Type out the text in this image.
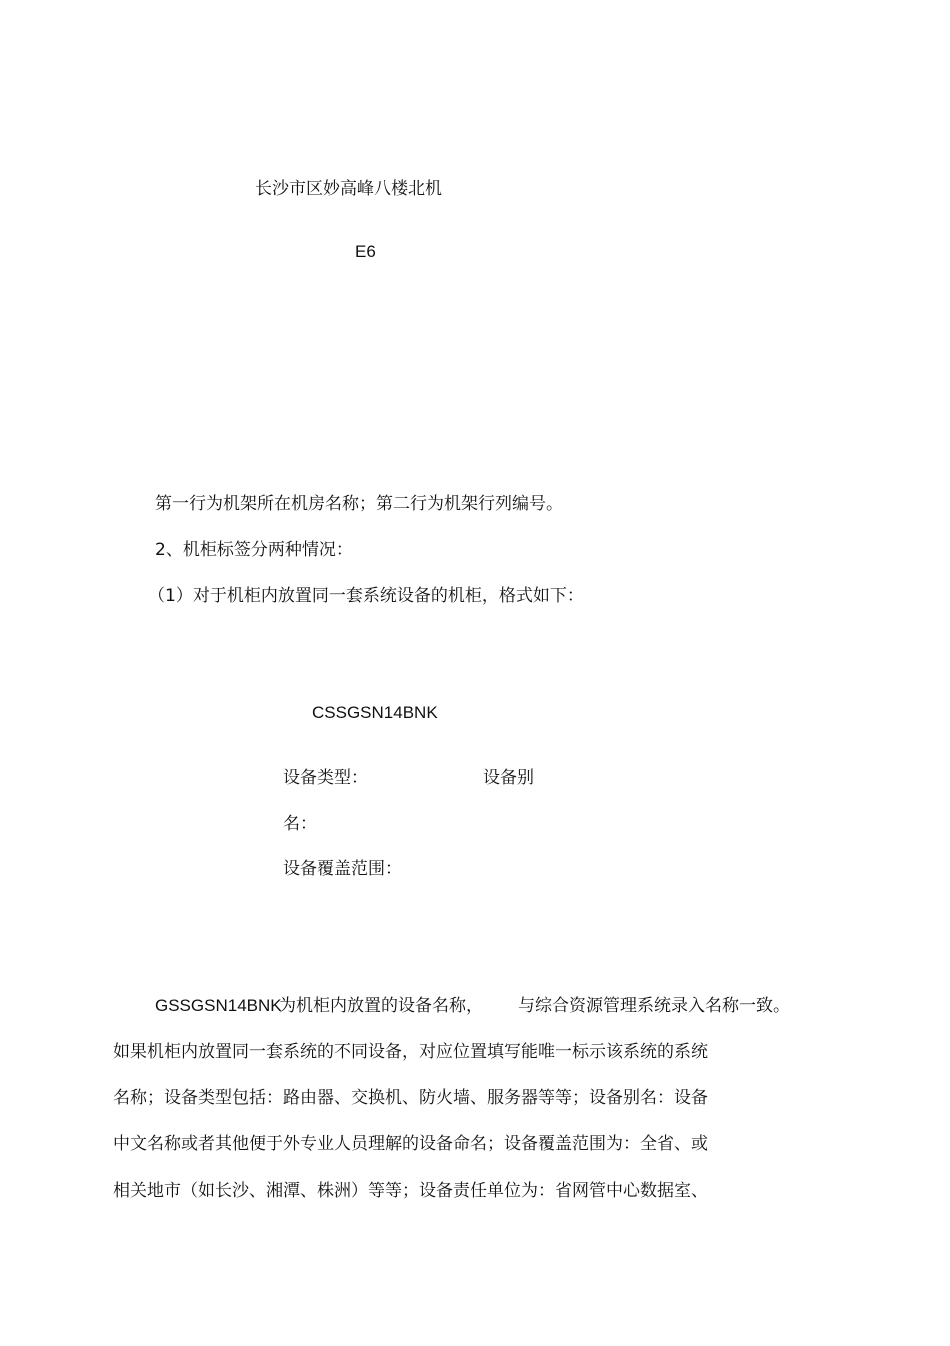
长沙市区妙高峰八楼北机
E6
第一行为机架所在机房名称；第二行为机架行列编号。
2、机柜标签分两种情况：
（1）对于机柜内放置同一套系统设备的机柜，格式如下：
CSSGSN14BNK
设备类型：	设备别
名：
设备覆盖范围：
GSSGSN14BNK
为机柜内放置的设备名称， 与综合资源管理系统录入名称一致。
如果机柜内放置同一套系统的不同设备，对应位置填写能唯一标示该系统的系统
名称；设备类型包括：路由器、交换机、防火墙、服务器等等；设备别名：设备
中文名称或者其他便于外专业人员理解的设备命名；设备覆盖范围为：全省、或
相关地市（如长沙、湘潭、株洲）等等；设备责任单位为：省网管中心数据室、
